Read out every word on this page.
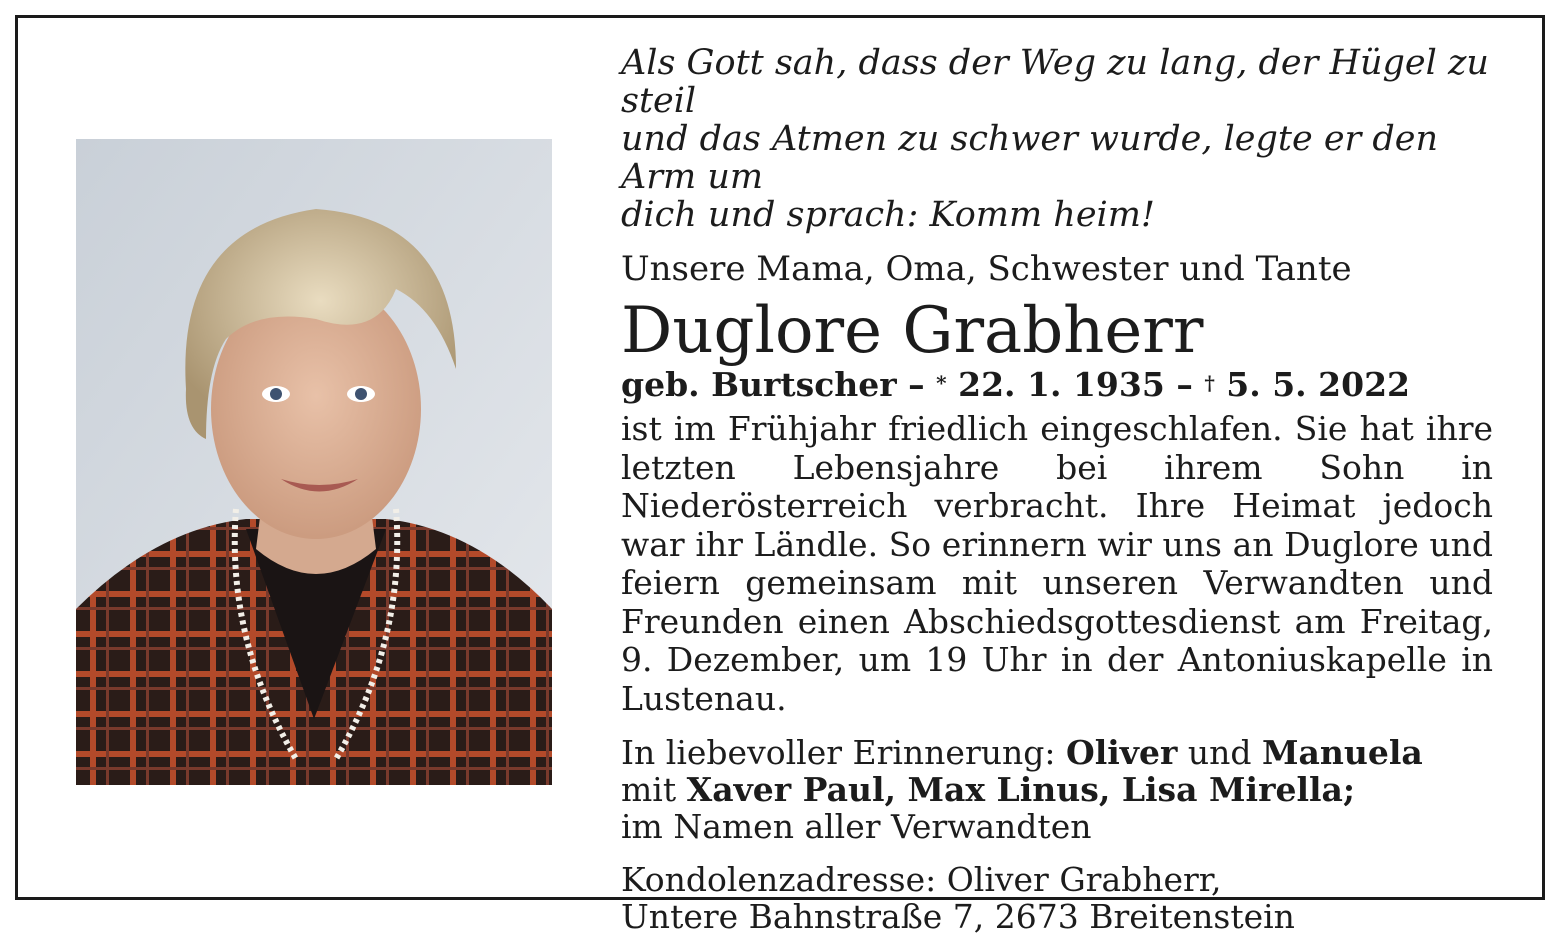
Als Gott sah, dass der Weg zu lang, der Hügel zu steil
und das Atmen zu schwer wurde, legte er den Arm um
dich und sprach: Komm heim!

Unsere Mama, Oma, Schwester und Tante

Duglore Grabherr

geb. Burtscher – * 22. 1. 1935 – † 5. 5. 2022

ist im Frühjahr friedlich eingeschlafen. Sie hat ihre letzten Lebensjahre bei ihrem Sohn in Niederösterreich verbracht. Ihre Heimat jedoch war ihr Ländle. So erinnern wir uns an Duglore und feiern gemeinsam mit unseren Verwandten und Freunden einen Abschiedsgottesdienst am Freitag, 9. Dezember, um 19 Uhr in der Antoniuskapelle in Lustenau.

In liebevoller Erinnerung: Oliver und Manuela
mit Xaver Paul, Max Linus, Lisa Mirella;
im Namen aller Verwandten

Kondolenzadresse: Oliver Grabherr,
Untere Bahnstraße 7, 2673 Breitenstein
